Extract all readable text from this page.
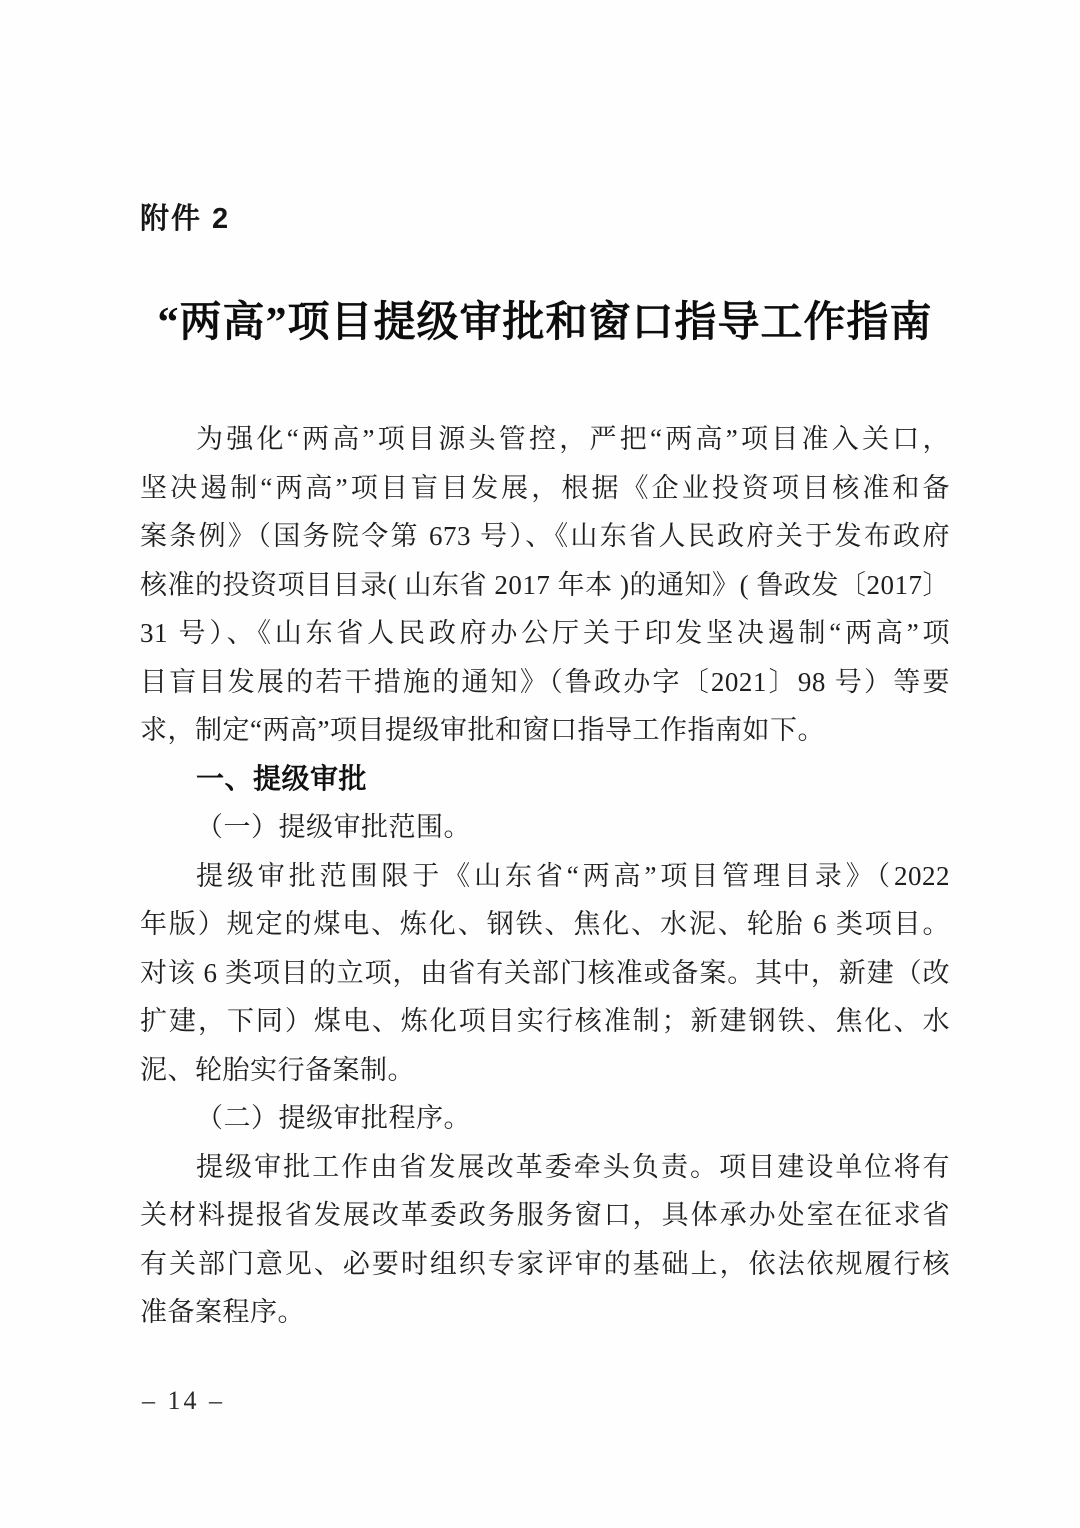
附件 2
“两高”项目提级审批和窗口指导工作指南
为强化“两高”项目源头管控，严把“两高”项目准入关口，
坚决遏制“两高”项目盲目发展，根据《企业投资项目核准和备
案条例》（国务院令第 673 号）、《山东省人民政府关于发布政府
核准的投资项目目录( 山东省 2017 年本 )的通知》( 鲁政发〔2017〕
31 号）、《山东省人民政府办公厅关于印发坚决遏制“两高”项
目盲目发展的若干措施的通知》（鲁政办字〔2021〕98 号）等要
求，制定“两高”项目提级审批和窗口指导工作指南如下。
一、提级审批
（一）提级审批范围。
提级审批范围限于《山东省“两高”项目管理目录》（2022
年版）规定的煤电、炼化、钢铁、焦化、水泥、轮胎 6 类项目。
对该 6 类项目的立项，由省有关部门核准或备案。其中，新建（改
扩建，下同）煤电、炼化项目实行核准制；新建钢铁、焦化、水
泥、轮胎实行备案制。
（二）提级审批程序。
提级审批工作由省发展改革委牵头负责。项目建设单位将有
关材料提报省发展改革委政务服务窗口，具体承办处室在征求省
有关部门意见、必要时组织专家评审的基础上，依法依规履行核
准备案程序。
– 14 –
